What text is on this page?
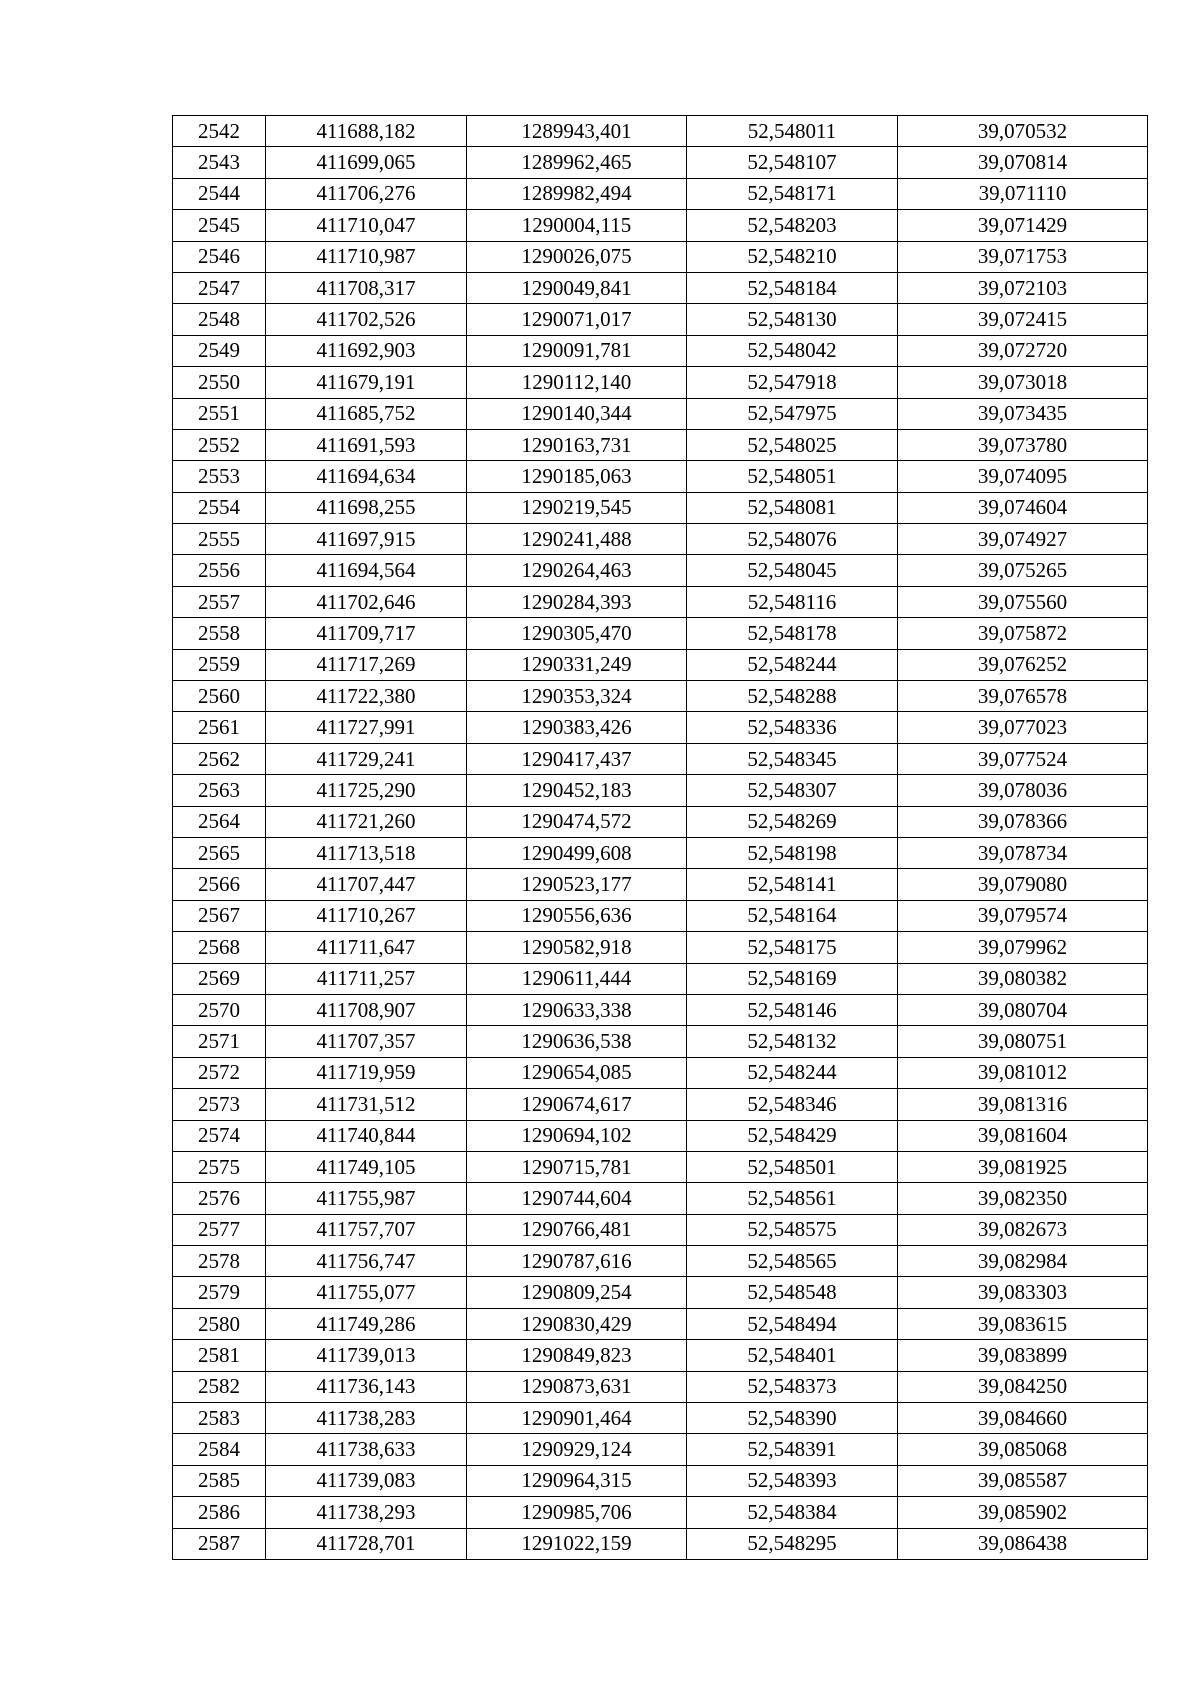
2542	411688,182	1289943,401	52,548011	39,070532
2543	411699,065	1289962,465	52,548107	39,070814
2544	411706,276	1289982,494	52,548171	39,071110
2545	411710,047	1290004,115	52,548203	39,071429
2546	411710,987	1290026,075	52,548210	39,071753
2547	411708,317	1290049,841	52,548184	39,072103
2548	411702,526	1290071,017	52,548130	39,072415
2549	411692,903	1290091,781	52,548042	39,072720
2550	411679,191	1290112,140	52,547918	39,073018
2551	411685,752	1290140,344	52,547975	39,073435
2552	411691,593	1290163,731	52,548025	39,073780
2553	411694,634	1290185,063	52,548051	39,074095
2554	411698,255	1290219,545	52,548081	39,074604
2555	411697,915	1290241,488	52,548076	39,074927
2556	411694,564	1290264,463	52,548045	39,075265
2557	411702,646	1290284,393	52,548116	39,075560
2558	411709,717	1290305,470	52,548178	39,075872
2559	411717,269	1290331,249	52,548244	39,076252
2560	411722,380	1290353,324	52,548288	39,076578
2561	411727,991	1290383,426	52,548336	39,077023
2562	411729,241	1290417,437	52,548345	39,077524
2563	411725,290	1290452,183	52,548307	39,078036
2564	411721,260	1290474,572	52,548269	39,078366
2565	411713,518	1290499,608	52,548198	39,078734
2566	411707,447	1290523,177	52,548141	39,079080
2567	411710,267	1290556,636	52,548164	39,079574
2568	411711,647	1290582,918	52,548175	39,079962
2569	411711,257	1290611,444	52,548169	39,080382
2570	411708,907	1290633,338	52,548146	39,080704
2571	411707,357	1290636,538	52,548132	39,080751
2572	411719,959	1290654,085	52,548244	39,081012
2573	411731,512	1290674,617	52,548346	39,081316
2574	411740,844	1290694,102	52,548429	39,081604
2575	411749,105	1290715,781	52,548501	39,081925
2576	411755,987	1290744,604	52,548561	39,082350
2577	411757,707	1290766,481	52,548575	39,082673
2578	411756,747	1290787,616	52,548565	39,082984
2579	411755,077	1290809,254	52,548548	39,083303
2580	411749,286	1290830,429	52,548494	39,083615
2581	411739,013	1290849,823	52,548401	39,083899
2582	411736,143	1290873,631	52,548373	39,084250
2583	411738,283	1290901,464	52,548390	39,084660
2584	411738,633	1290929,124	52,548391	39,085068
2585	411739,083	1290964,315	52,548393	39,085587
2586	411738,293	1290985,706	52,548384	39,085902
2587	411728,701	1291022,159	52,548295	39,086438
